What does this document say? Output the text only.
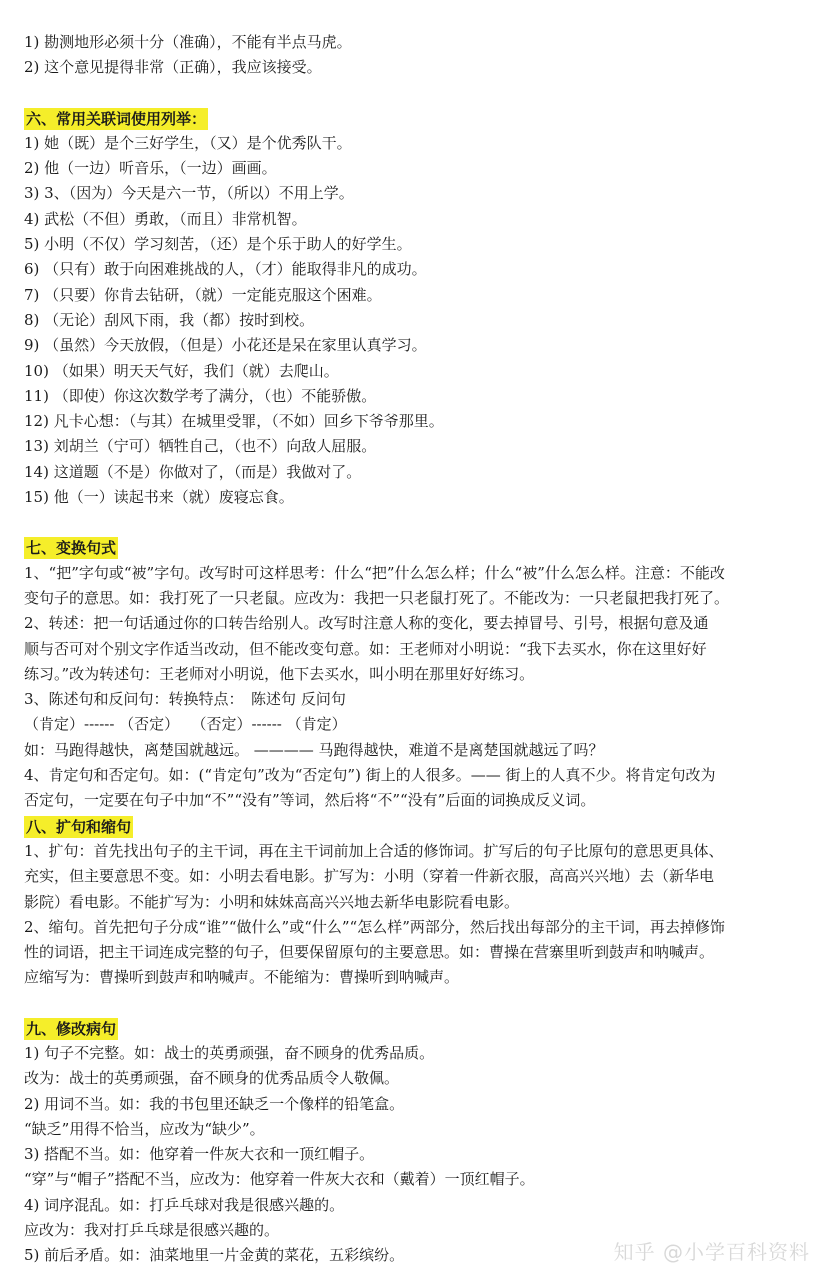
1) 勘测地形必须十分（准确），不能有半点马虎。
2) 这个意见提得非常（正确），我应该接受。
六、常用关联词使用列举：
1) 她（既）是个三好学生，（又）是个优秀队干。
2) 他（一边）听音乐，（一边）画画。
3) 3、（因为）今天是六一节，（所以）不用上学。
4) 武松（不但）勇敢，（而且）非常机智。
5) 小明（不仅）学习刻苦，（还）是个乐于助人的好学生。
6) （只有）敢于向困难挑战的人，（才）能取得非凡的成功。
7) （只要）你肯去钻研，（就）一定能克服这个困难。
8) （无论）刮风下雨，我（都）按时到校。
9) （虽然）今天放假，（但是）小花还是呆在家里认真学习。
10) （如果）明天天气好，我们（就）去爬山。
11) （即使）你这次数学考了满分，（也）不能骄傲。
12) 凡卡心想：（与其）在城里受罪，（不如）回乡下爷爷那里。
13) 刘胡兰（宁可）牺牲自己，（也不）向敌人屈服。
14) 这道题（不是）你做对了，（而是）我做对了。
15) 他（一）读起书来（就）废寝忘食。
七、变换句式
1、“把”字句或“被”字句。改写时可这样思考：什么“把”什么怎么样；什么“被”什么怎么样。注意：不能改
变句子的意思。如：我打死了一只老鼠。应改为：我把一只老鼠打死了。不能改为：一只老鼠把我打死了。
2、转述：把一句话通过你的口转告给别人。改写时注意人称的变化，要去掉冒号、引号，根据句意及通
顺与否可对个别文字作适当改动，但不能改变句意。如：王老师对小明说：“我下去买水，你在这里好好
练习。”改为转述句：王老师对小明说，他下去买水，叫小明在那里好好练习。
3、陈述句和反问句：转换特点：　陈述句 反问句
（肯定）------ （否定）　 （否定）------ （肯定）
如：马跑得越快，离楚国就越远。 ———— 马跑得越快，难道不是离楚国就越远了吗？
4、肯定句和否定句。如：(“肯定句”改为“否定句”) 街上的人很多。—— 街上的人真不少。将肯定句改为
否定句，一定要在句子中加“不”“没有”等词，然后将“不”“没有”后面的词换成反义词。
八、扩句和缩句
1、扩句：首先找出句子的主干词，再在主干词前加上合适的修饰词。扩写后的句子比原句的意思更具体、
充实，但主要意思不变。如：小明去看电影。扩写为：小明（穿着一件新衣服，高高兴兴地）去（新华电
影院）看电影。不能扩写为：小明和妹妹高高兴兴地去新华电影院看电影。
2、缩句。首先把句子分成“谁”“做什么”或“什么”“怎么样”两部分，然后找出每部分的主干词，再去掉修饰
性的词语，把主干词连成完整的句子，但要保留原句的主要意思。如：曹操在营寨里听到鼓声和呐喊声。
应缩写为：曹操听到鼓声和呐喊声。不能缩为：曹操听到呐喊声。
九、修改病句
1) 句子不完整。如：战士的英勇顽强，奋不顾身的优秀品质。
改为：战士的英勇顽强，奋不顾身的优秀品质令人敬佩。
2) 用词不当。如：我的书包里还缺乏一个像样的铅笔盒。
“缺乏”用得不恰当，应改为“缺少”。
3) 搭配不当。如：他穿着一件灰大衣和一顶红帽子。
“穿”与“帽子”搭配不当，应改为：他穿着一件灰大衣和（戴着）一顶红帽子。
4) 词序混乱。如：打乒乓球对我是很感兴趣的。
应改为：我对打乒乓球是很感兴趣的。
5) 前后矛盾。如：油菜地里一片金黄的菜花，五彩缤纷。	知乎 @小学百科资料
